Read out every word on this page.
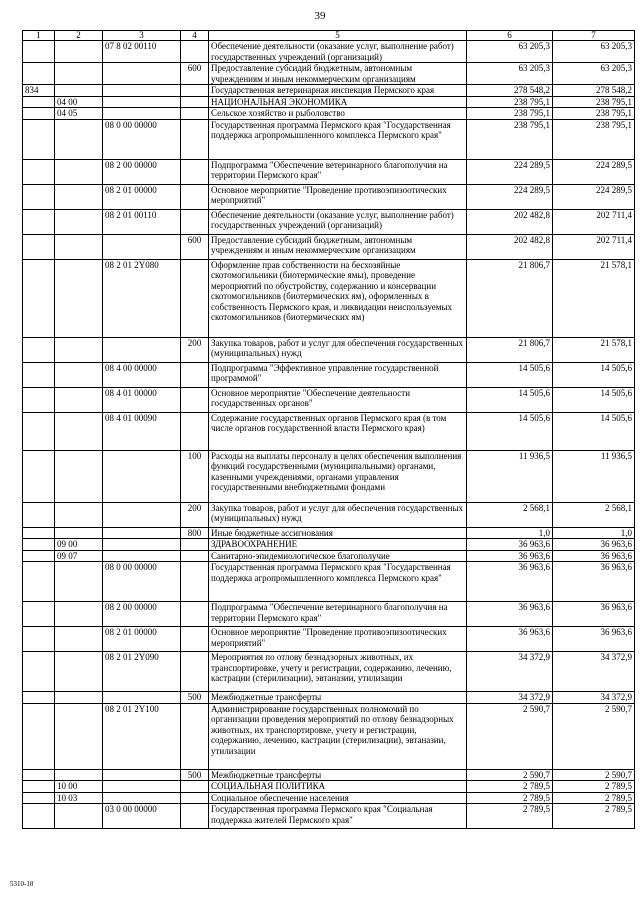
39
1	2	3	4	5	6	7
		07 8 02 00110		Обеспечение деятельности (оказание услуг, выполнение работ) государственных учреждений (организаций)	63 205,3	63 205,3
			600	Предоставление субсидий бюджетным, автономным учреждениям и иным некоммерческим организациям	63 205,3	63 205,3
834				Государственная ветеринарная инспекция Пермского края	278 548,2	278 548,2
	04 00			НАЦИОНАЛЬНАЯ ЭКОНОМИКА	238 795,1	238 795,1
	04 05			Сельское хозяйство и рыболовство	238 795,1	238 795,1
		08 0 00 00000		Государственная программа Пермского края "Государственная поддержка агропромышленного комплекса Пермского края"	238 795,1	238 795,1
		08 2 00 00000		Подпрограмма "Обеспечение ветеринарного благополучия на территории Пермского края"	224 289,5	224 289,5
		08 2 01 00000		Основное мероприятие "Проведение противоэпизоотических мероприятий"	224 289,5	224 289,5
		08 2 01 00110		Обеспечение деятельности (оказание услуг, выполнение работ) государственных учреждений (организаций)	202 482,8	202 711,4
			600	Предоставление субсидий бюджетным, автономным учреждениям и иным некоммерческим организациям	202 482,8	202 711,4
		08 2 01 2Y080		Оформление прав собственности на бесхозяйные скотомогильники (биотермические ямы), проведение мероприятий по обустройству, содержанию и консервации скотомогильников (биотермических ям), оформленных в собственность Пермского края, и ликвидации неиспользуемых скотомогильников (биотермических ям)	21 806,7	21 578,1
			200	Закупка товаров, работ и услуг для обеспечения государственных (муниципальных) нужд	21 806,7	21 578,1
		08 4 00 00000		Подпрограмма "Эффективное управление государственной программой"	14 505,6	14 505,6
		08 4 01 00000		Основное мероприятие "Обеспечение деятельности государственных органов"	14 505,6	14 505,6
		08 4 01 00090		Содержание государственных органов Пермского края (в том числе органов государственной власти Пермского края)	14 505,6	14 505,6
			100	Расходы на выплаты персоналу в целях обеспечения выполнения функций государственными (муниципальными) органами, казенными учреждениями, органами управления государственными внебюджетными фондами	11 936,5	11 936,5
			200	Закупка товаров, работ и услуг для обеспечения государственных (муниципальных) нужд	2 568,1	2 568,1
			800	Иные бюджетные ассигнования	1,0	1,0
	09 00			ЗДРАВООХРАНЕНИЕ	36 963,6	36 963,6
	09 07			Санитарно-эпидемиологическое благополучие	36 963,6	36 963,6
		08 0 00 00000		Государственная программа Пермского края "Государственная поддержка агропромышленного комплекса Пермского края"	36 963,6	36 963,6
		08 2 00 00000		Подпрограмма "Обеспечение ветеринарного благополучия на территории Пермского края"	36 963,6	36 963,6
		08 2 01 00000		Основное мероприятие "Проведение противоэпизоотических мероприятий"	36 963,6	36 963,6
		08 2 01 2Y090		Мероприятия по отлову безнадзорных животных, их транспортировке, учету и регистрации, содержанию, лечению, кастрации (стерилизации), эвтаназии, утилизации	34 372,9	34 372,9
			500	Межбюджетные трансферты	34 372,9	34 372,9
		08 2 01 2Y100		Администрирование государственных полномочий по организации проведения мероприятий по отлову безнадзорных животных, их транспортировке, учету и регистрации, содержанию, лечению, кастрации (стерилизации), эвтаназии, утилизации	2 590,7	2 590,7
			500	Межбюджетные трансферты	2 590,7	2 590,7
	10 00			СОЦИАЛЬНАЯ ПОЛИТИКА	2 789,5	2 789,5
	10 03			Социальное обеспечение населения	2 789,5	2 789,5
		03 0 00 00000		Государственная программа Пермского края "Социальная поддержка жителей Пермского края"	2 789,5	2 789,5
5310-18
